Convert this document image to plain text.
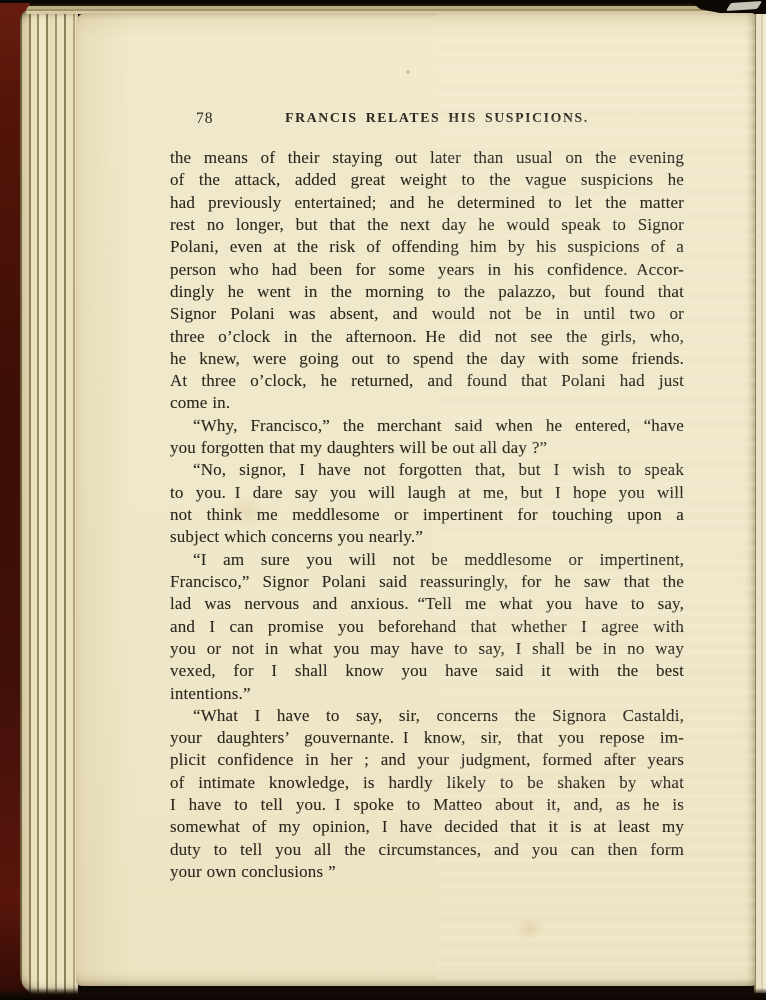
78	FRANCIS RELATES HIS SUSPICIONS.
the means of their staying out later than usual on the evening
of the attack, added great weight to the vague suspicions he
had previously entertained; and he determined to let the matter
rest no longer, but that the next day he would speak to Signor
Polani, even at the risk of offending him by his suspicions of a
person who had been for some years in his confidence. Accor-
dingly he went in the morning to the palazzo, but found that
Signor Polani was absent, and would not be in until two or
three o’clock in the afternoon. He did not see the girls, who,
he knew, were going out to spend the day with some friends.
At three o’clock, he returned, and found that Polani had just
come in.
“Why, Francisco,” the merchant said when he entered, “have
you forgotten that my daughters will be out all day ?”
“No, signor, I have not forgotten that, but I wish to speak
to you. I dare say you will laugh at me, but I hope you will
not think me meddlesome or impertinent for touching upon a
subject which concerns you nearly.”
“I am sure you will not be meddlesome or impertinent,
Francisco,” Signor Polani said reassuringly, for he saw that the
lad was nervous and anxious. “Tell me what you have to say,
and I can promise you beforehand that whether I agree with
you or not in what you may have to say, I shall be in no way
vexed, for I shall know you have said it with the best
intentions.”
“What I have to say, sir, concerns the Signora Castaldi,
your daughters’ gouvernante. I know, sir, that you repose im-
plicit confidence in her ; and your judgment, formed after years
of intimate knowledge, is hardly likely to be shaken by what
I have to tell you. I spoke to Matteo about it, and, as he is
somewhat of my opinion, I have decided that it is at least my
duty to tell you all the circumstances, and you can then form
your own conclusions ”
